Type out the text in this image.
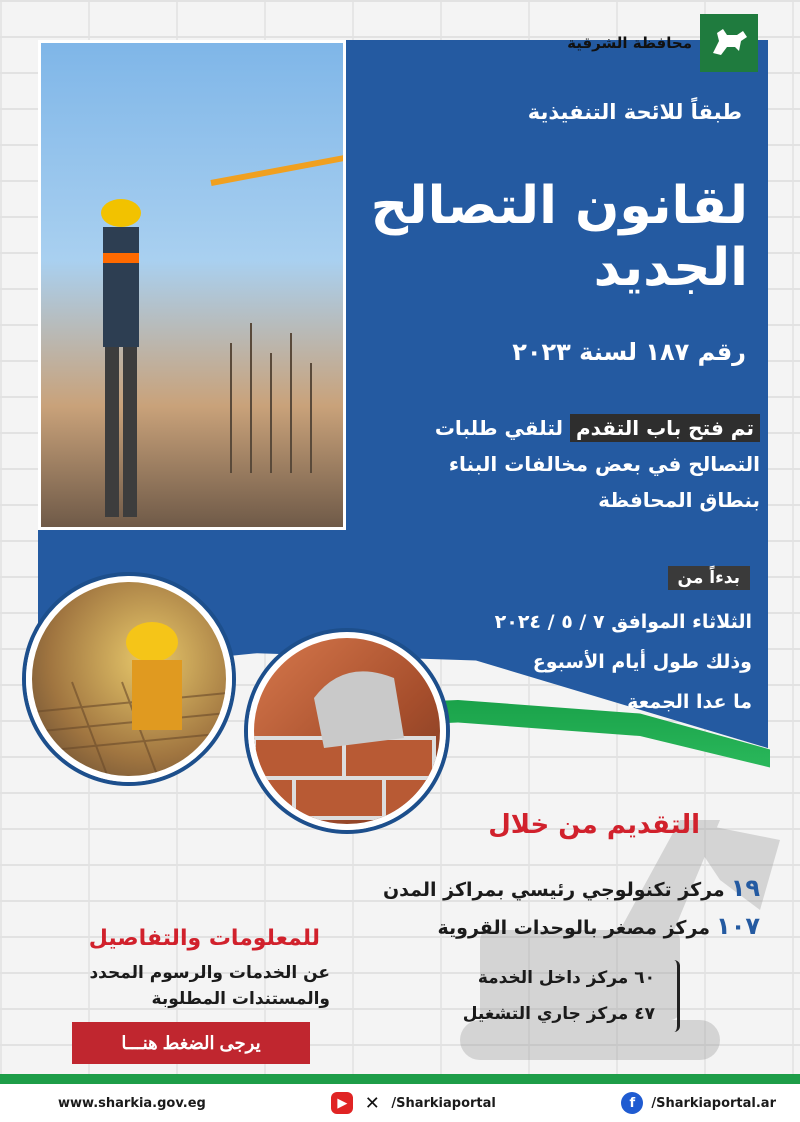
محافظة الشرقية
طبقاً للائحة التنفيذية
لقانون التصالح
الجديد
رقم ١٨٧ لسنة ٢٠٢٣
تم فتح باب التقدم لتلقي طلبات
التصالح في بعض مخالفات البناء
بنطاق المحافظة
بدءاً من
الثلاثاء الموافق ٧ / ٥ / ٢٠٢٤
وذلك طول أيام الأسبوع
ما عدا الجمعة
التقديم من خلال
١٩مركز تكنولوجي رئيسي بمراكز المدن
١٠٧مركز مصغر بالوحدات القروية
٦٠ مركز داخل الخدمة
٤٧ مركز جاري التشغيل
للمعلومات والتفاصيل
عن الخدمات والرسوم المحدد
والمستندات المطلوبة
يرجى الضغط هنـــا
www.sharkia.gov.eg	▶ ✕ /Sharkiaportal	f	/Sharkiaportal.ar
